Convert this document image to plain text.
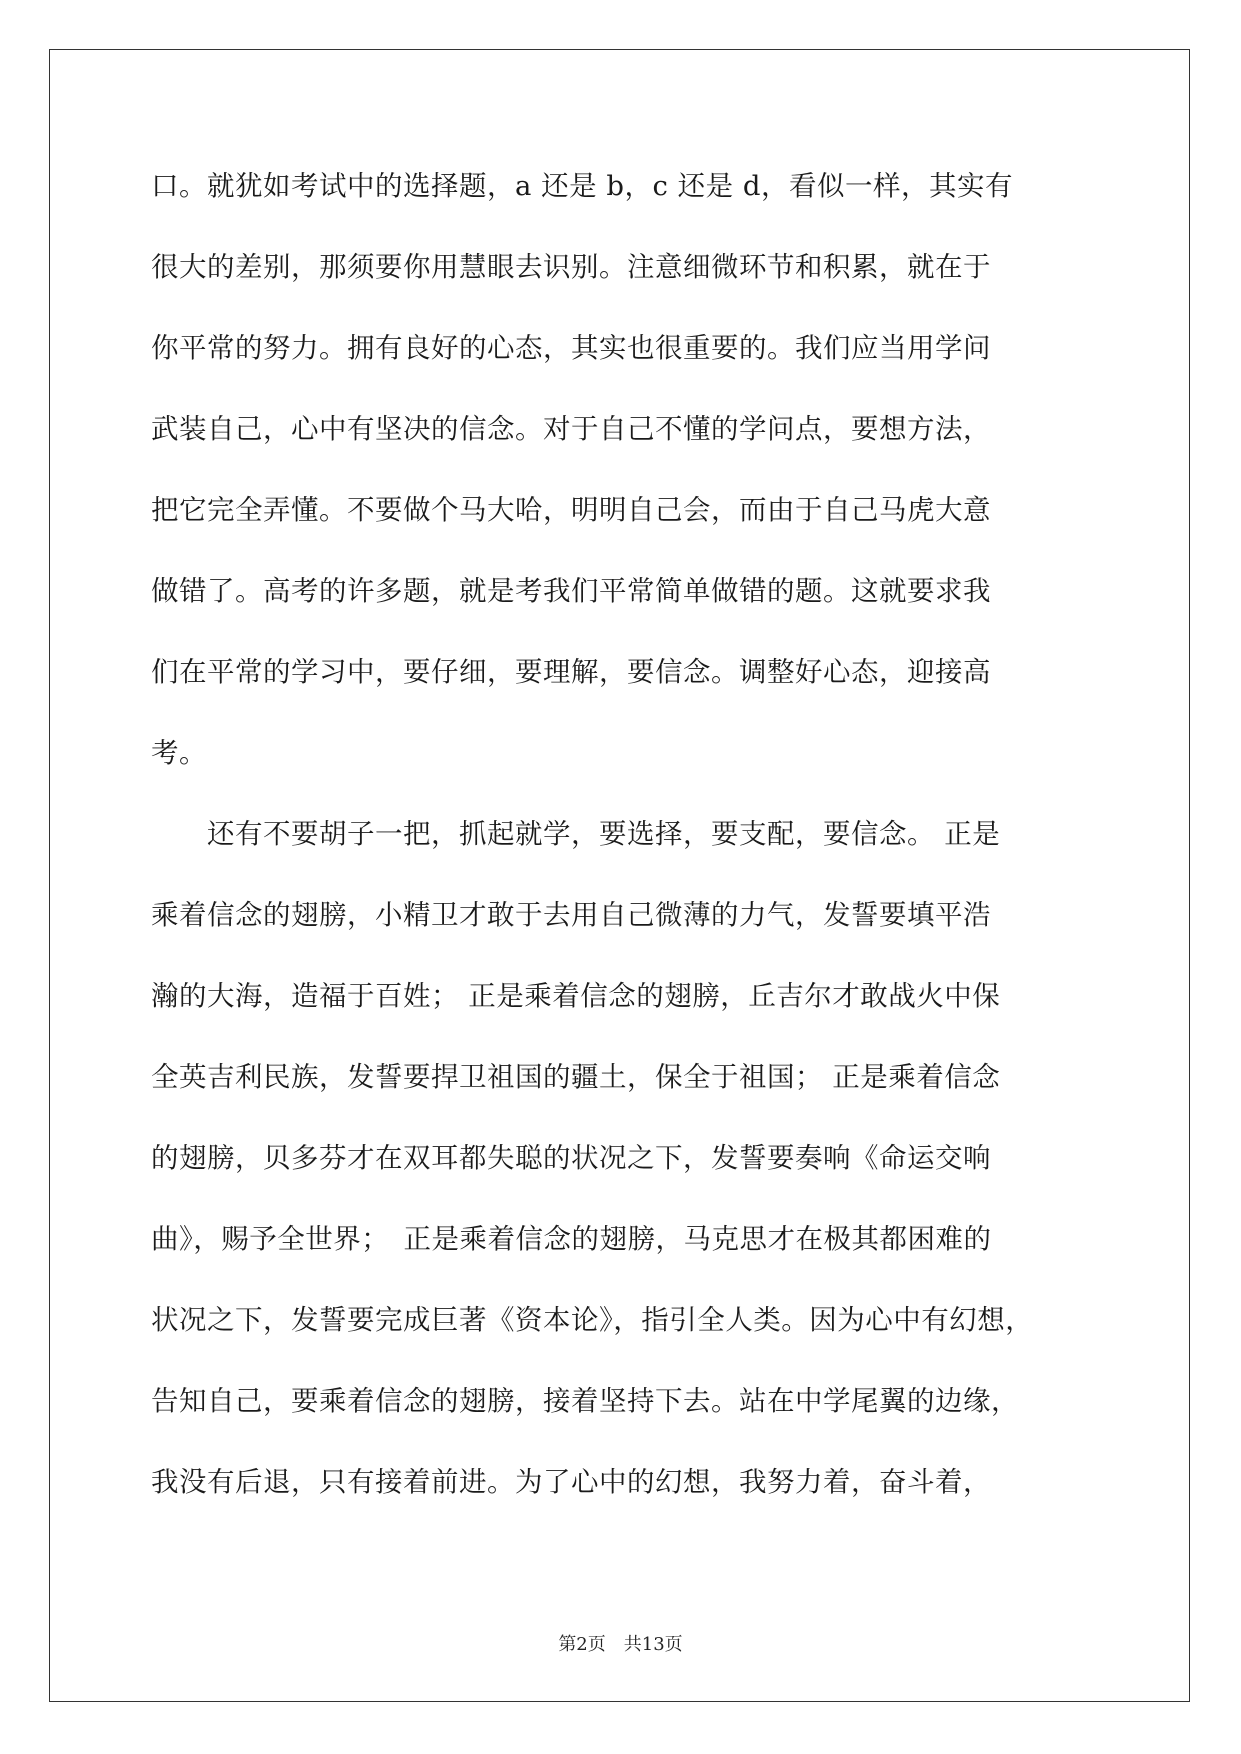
口。就犹如考试中的选择题，a 还是 b，c 还是 d，看似一样，其实有
很大的差别，那须要你用慧眼去识别。注意细微环节和积累，就在于
你平常的努力。拥有良好的心态，其实也很重要的。我们应当用学问
武装自己，心中有坚决的信念。对于自己不懂的学问点，要想方法，
把它完全弄懂。不要做个马大哈，明明自己会，而由于自己马虎大意
做错了。高考的许多题，就是考我们平常简单做错的题。这就要求我
们在平常的学习中，要仔细，要理解，要信念。调整好心态，迎接高
考。
　　还有不要胡子一把，抓起就学，要选择，要支配，要信念。 正是
乘着信念的翅膀，小精卫才敢于去用自己微薄的力气，发誓要填平浩
瀚的大海，造福于百姓； 正是乘着信念的翅膀，丘吉尔才敢战火中保
全英吉利民族，发誓要捍卫祖国的疆土，保全于祖国； 正是乘着信念
的翅膀，贝多芬才在双耳都失聪的状况之下，发誓要奏响《命运交响
曲》，赐予全世界；　正是乘着信念的翅膀，马克思才在极其都困难的
状况之下，发誓要完成巨著《资本论》，指引全人类。因为心中有幻想，
告知自己，要乘着信念的翅膀，接着坚持下去。站在中学尾翼的边缘，
我没有后退，只有接着前进。为了心中的幻想，我努力着，奋斗着，
第2页　共13页
